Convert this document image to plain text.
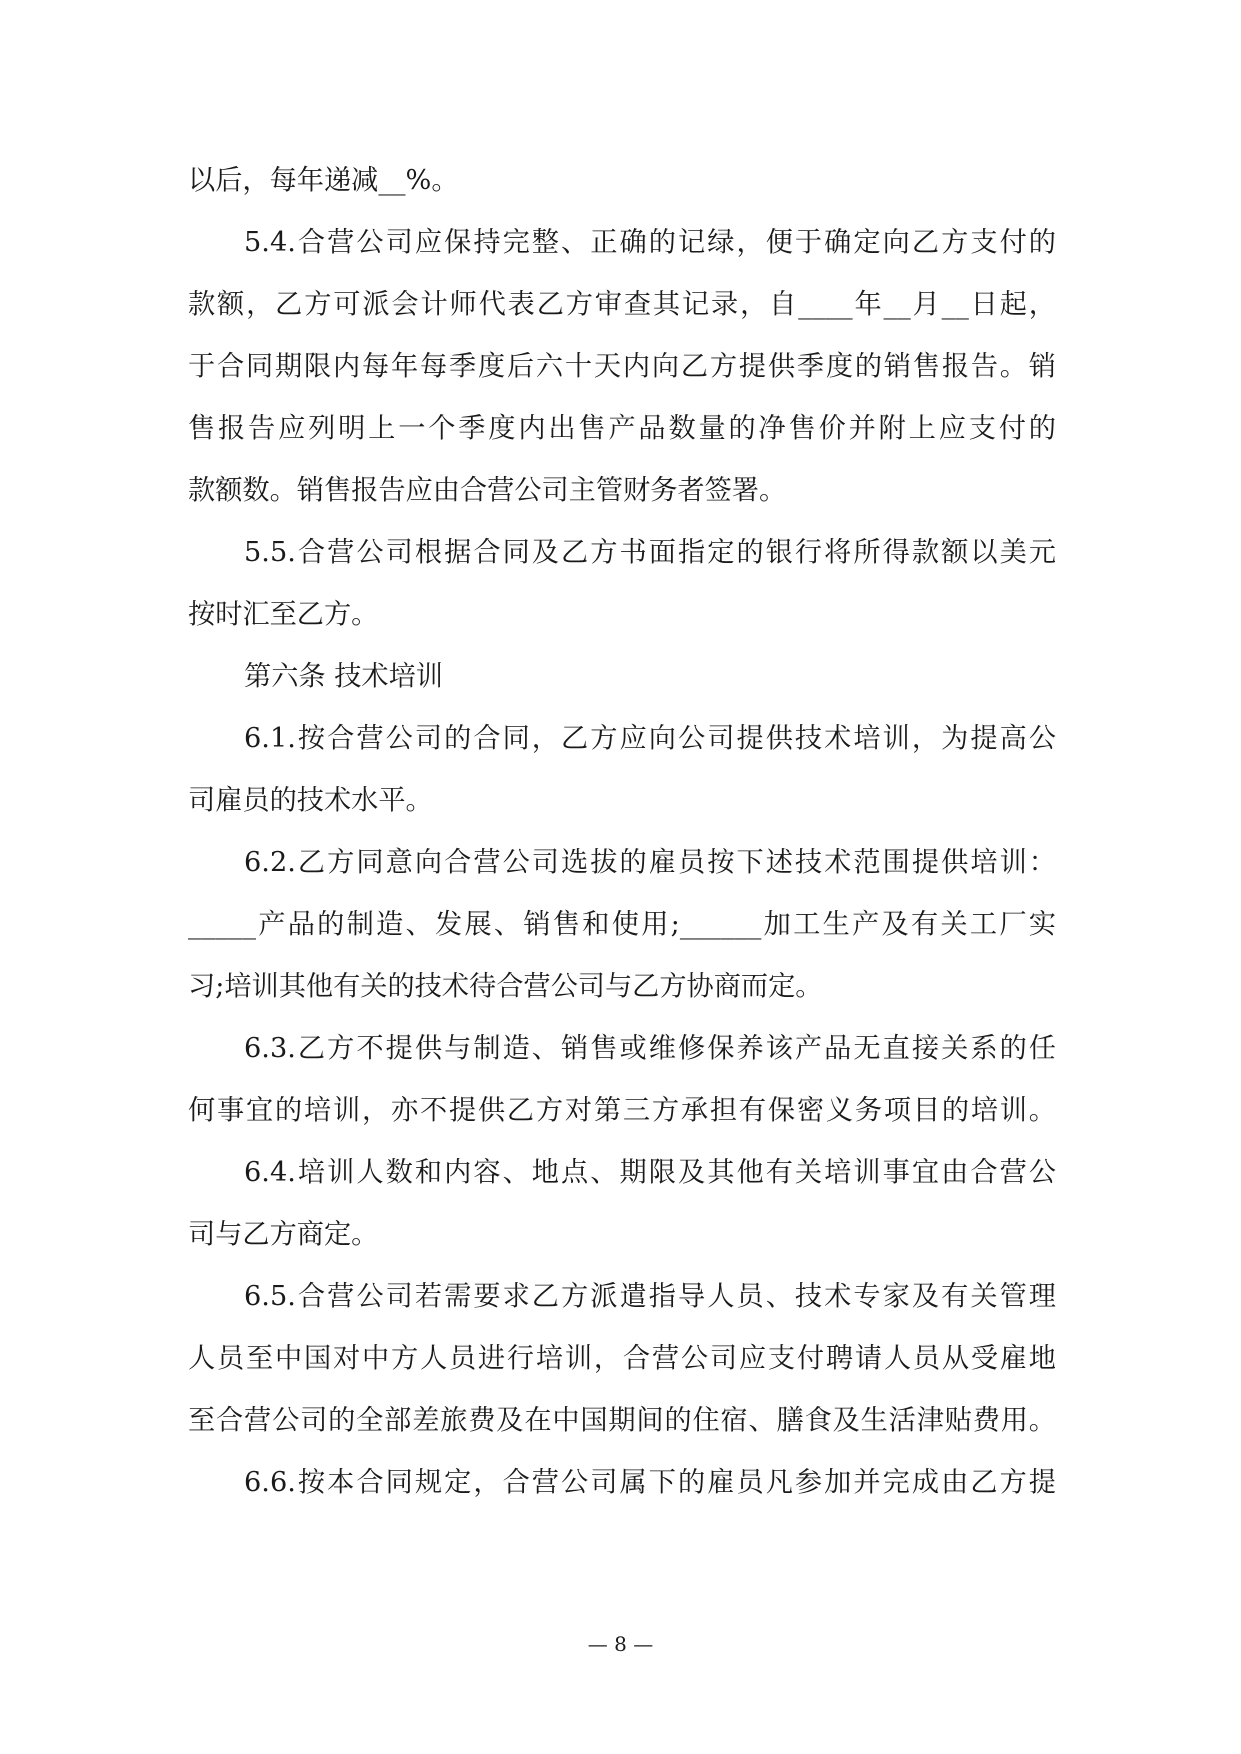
以后，每年递减__%。
5.4.合营公司应保持完整、正确的记绿，便于确定向乙方支付的
款额，乙方可派会计师代表乙方审查其记录，自____年__月__日起，
于合同期限内每年每季度后六十天内向乙方提供季度的销售报告。销
售报告应列明上一个季度内出售产品数量的净售价并附上应支付的
款额数。销售报告应由合营公司主管财务者签署。
5.5.合营公司根据合同及乙方书面指定的银行将所得款额以美元
按时汇至乙方。
第六条 技术培训
6.1.按合营公司的合同，乙方应向公司提供技术培训，为提高公
司雇员的技术水平。
6.2.乙方同意向合营公司选拔的雇员按下述技术范围提供培训：
_____产品的制造、发展、销售和使用;______加工生产及有关工厂实
习;培训其他有关的技术待合营公司与乙方协商而定。
6.3.乙方不提供与制造、销售或维修保养该产品无直接关系的任
何事宜的培训，亦不提供乙方对第三方承担有保密义务项目的培训。
6.4.培训人数和内容、地点、期限及其他有关培训事宜由合营公
司与乙方商定。
6.5.合营公司若需要求乙方派遣指导人员、技术专家及有关管理
人员至中国对中方人员进行培训，合营公司应支付聘请人员从受雇地
至合营公司的全部差旅费及在中国期间的住宿、膳食及生活津贴费用。
6.6.按本合同规定，合营公司属下的雇员凡参加并完成由乙方提
— 8 —
